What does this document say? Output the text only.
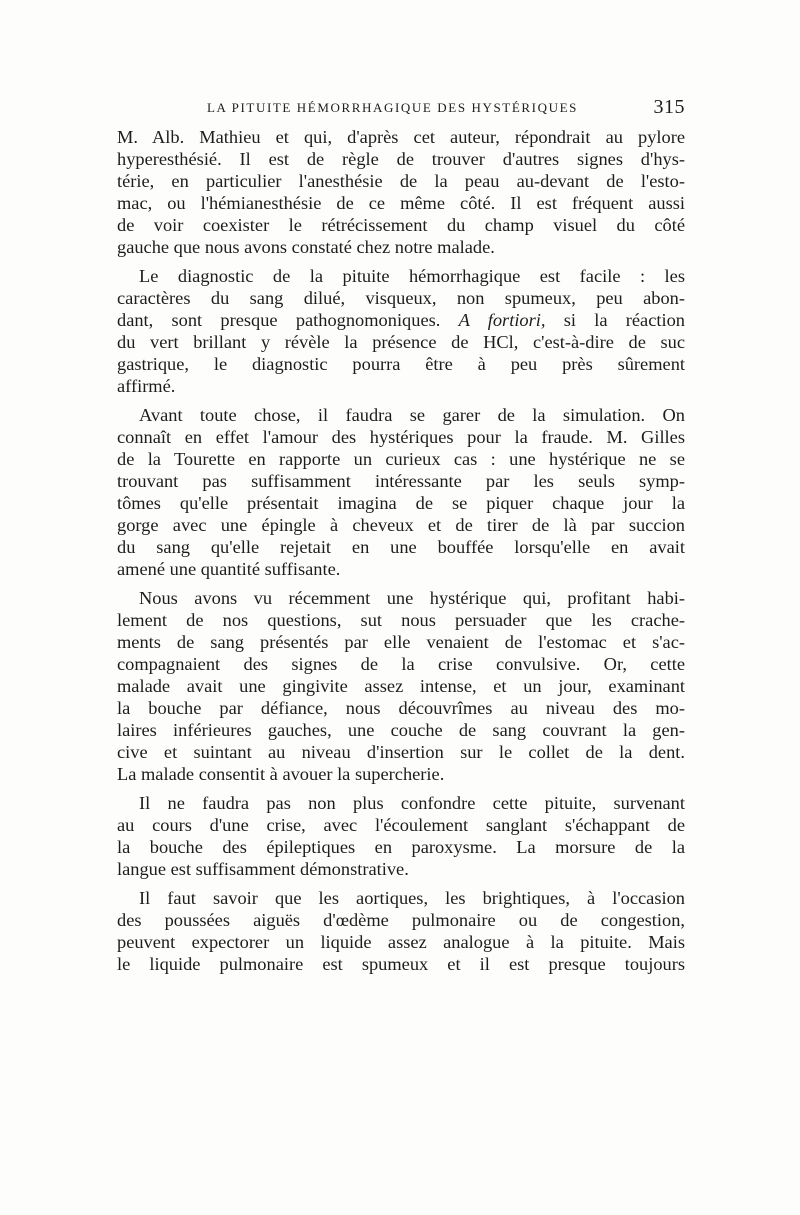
LA PITUITE HÉMORRHAGIQUE DES HYSTÉRIQUES	315
M. Alb. Mathieu et qui, d'après cet auteur, répondrait au pylore
hyperesthésié. Il est de règle de trouver d'autres signes d'hys-
térie, en particulier l'anesthésie de la peau au-devant de l'esto-
mac, ou l'hémianesthésie de ce même côté. Il est fréquent aussi
de voir coexister le rétrécissement du champ visuel du côté
gauche que nous avons constaté chez notre malade.
Le diagnostic de la pituite hémorrhagique est facile : les
caractères du sang dilué, visqueux, non spumeux, peu abon-
dant, sont presque pathognomoniques. A fortiori, si la réaction
du vert brillant y révèle la présence de HCl, c'est-à-dire de suc
gastrique, le diagnostic pourra être à peu près sûrement
affirmé.
Avant toute chose, il faudra se garer de la simulation. On
connaît en effet l'amour des hystériques pour la fraude. M. Gilles
de la Tourette en rapporte un curieux cas : une hystérique ne se
trouvant pas suffisamment intéressante par les seuls symp-
tômes qu'elle présentait imagina de se piquer chaque jour la
gorge avec une épingle à cheveux et de tirer de là par succion
du sang qu'elle rejetait en une bouffée lorsqu'elle en avait
amené une quantité suffisante.
Nous avons vu récemment une hystérique qui, profitant habi-
lement de nos questions, sut nous persuader que les crache-
ments de sang présentés par elle venaient de l'estomac et s'ac-
compagnaient des signes de la crise convulsive. Or, cette
malade avait une gingivite assez intense, et un jour, examinant
la bouche par défiance, nous découvrîmes au niveau des mo-
laires inférieures gauches, une couche de sang couvrant la gen-
cive et suintant au niveau d'insertion sur le collet de la dent.
La malade consentit à avouer la supercherie.
Il ne faudra pas non plus confondre cette pituite, survenant
au cours d'une crise, avec l'écoulement sanglant s'échappant de
la bouche des épileptiques en paroxysme. La morsure de la
langue est suffisamment démonstrative.
Il faut savoir que les aortiques, les brightiques, à l'occasion
des poussées aiguës d'œdème pulmonaire ou de congestion,
peuvent expectorer un liquide assez analogue à la pituite. Mais
le liquide pulmonaire est spumeux et il est presque toujours
